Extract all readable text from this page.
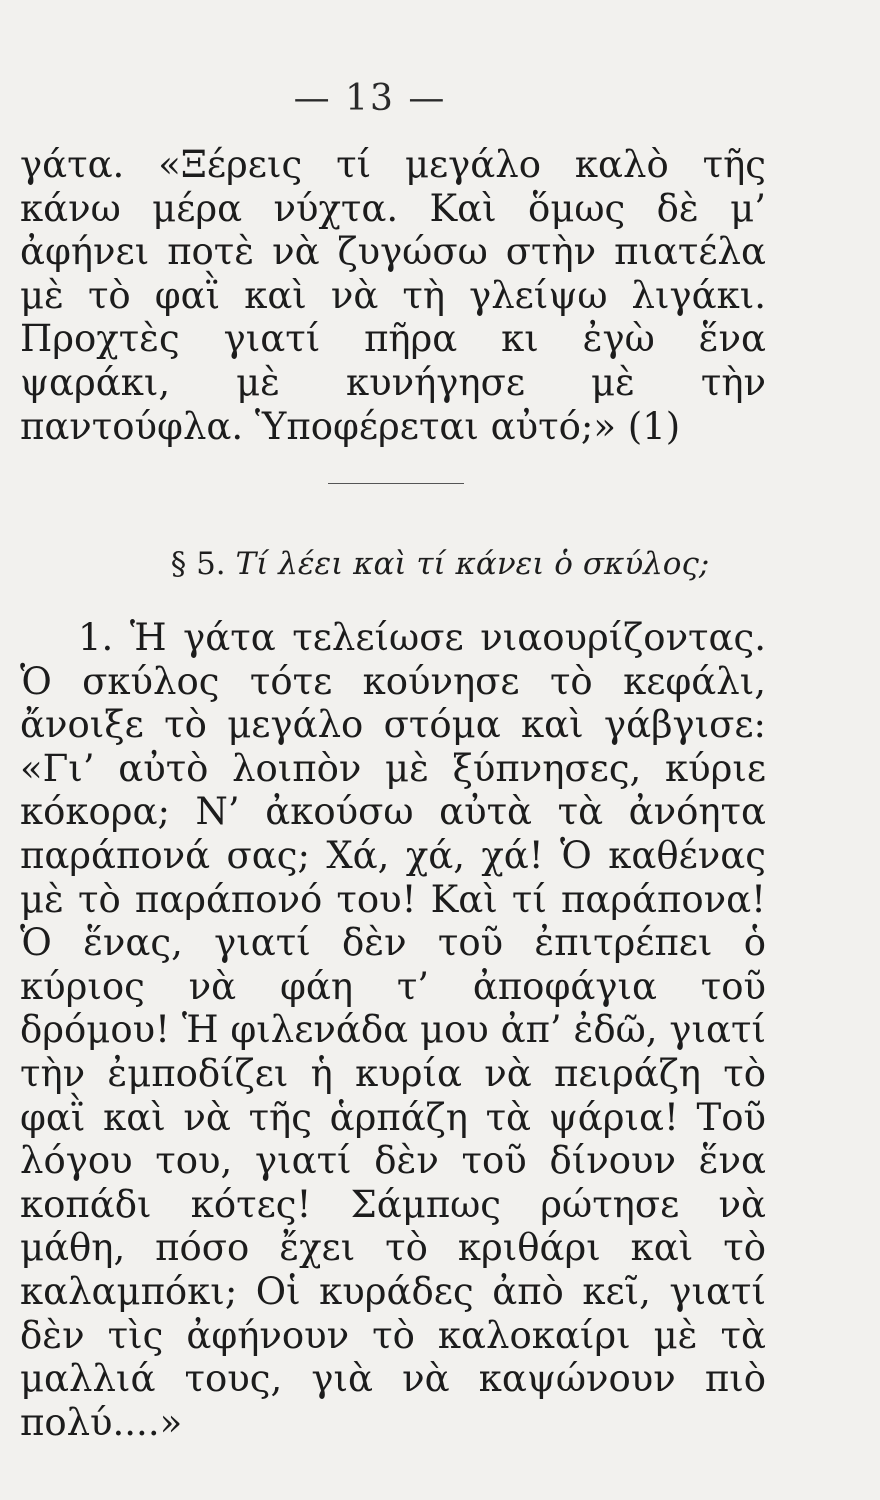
— 13 —
γάτα. «Ξέρεις τί μεγάλο καλὸ τῆς κάνω μέρα νύχτα. Καὶ ὅμως δὲ μ’ ἀφήνει ποτὲ νὰ ζυγώσω στὴν πιατέλα μὲ τὸ φαῒ καὶ νὰ τὴ γλείψω λιγάκι. Προχτὲς γιατί πῆρα κι ἐγὼ ἕνα ψαράκι, μὲ κυνήγησε μὲ τὴν παντούφλα. Ὑποφέρεται αὐτό;» (1)
§ 5. Τί λέει καὶ τί κάνει ὁ σκύλος;
1. Ἡ γάτα τελείωσε νιαουρίζοντας. Ὁ σκύλος τότε κούνησε τὸ κεφάλι, ἄνοιξε τὸ μεγάλο στόμα καὶ γάβγισε: «Γι’ αὐτὸ λοιπὸν μὲ ξύπνησες, κύριε κόκορα; Ν’ ἀκούσω αὐτὰ τὰ ἀνόητα παράπονά σας; Χά, χά, χά! Ὁ καθένας μὲ τὸ παράπονό του! Καὶ τί παράπονα! Ὁ ἕνας, γιατί δὲν τοῦ ἐπιτρέπει ὁ κύριος νὰ φάη τ’ ἀποφάγια τοῦ δρόμου! Ἡ φιλενάδα μου ἀπ’ ἐδῶ, γιατί τὴν ἐμποδίζει ἡ κυρία νὰ πειράζη τὸ φαῒ καὶ νὰ τῆς ἁρπάζη τὰ ψάρια! Τοῦ λόγου του, γιατί δὲν τοῦ δίνουν ἕνα κοπάδι κότες! Σάμπως ρώτησε νὰ μάθη, πόσο ἔχει τὸ κριθάρι καὶ τὸ καλαμπόκι; Οἱ κυράδες ἀπὸ κεῖ, γιατί δὲν τὶς ἀφήνουν τὸ καλοκαίρι μὲ τὰ μαλλιά τους, γιὰ νὰ καψώνουν πιὸ πολύ....»
